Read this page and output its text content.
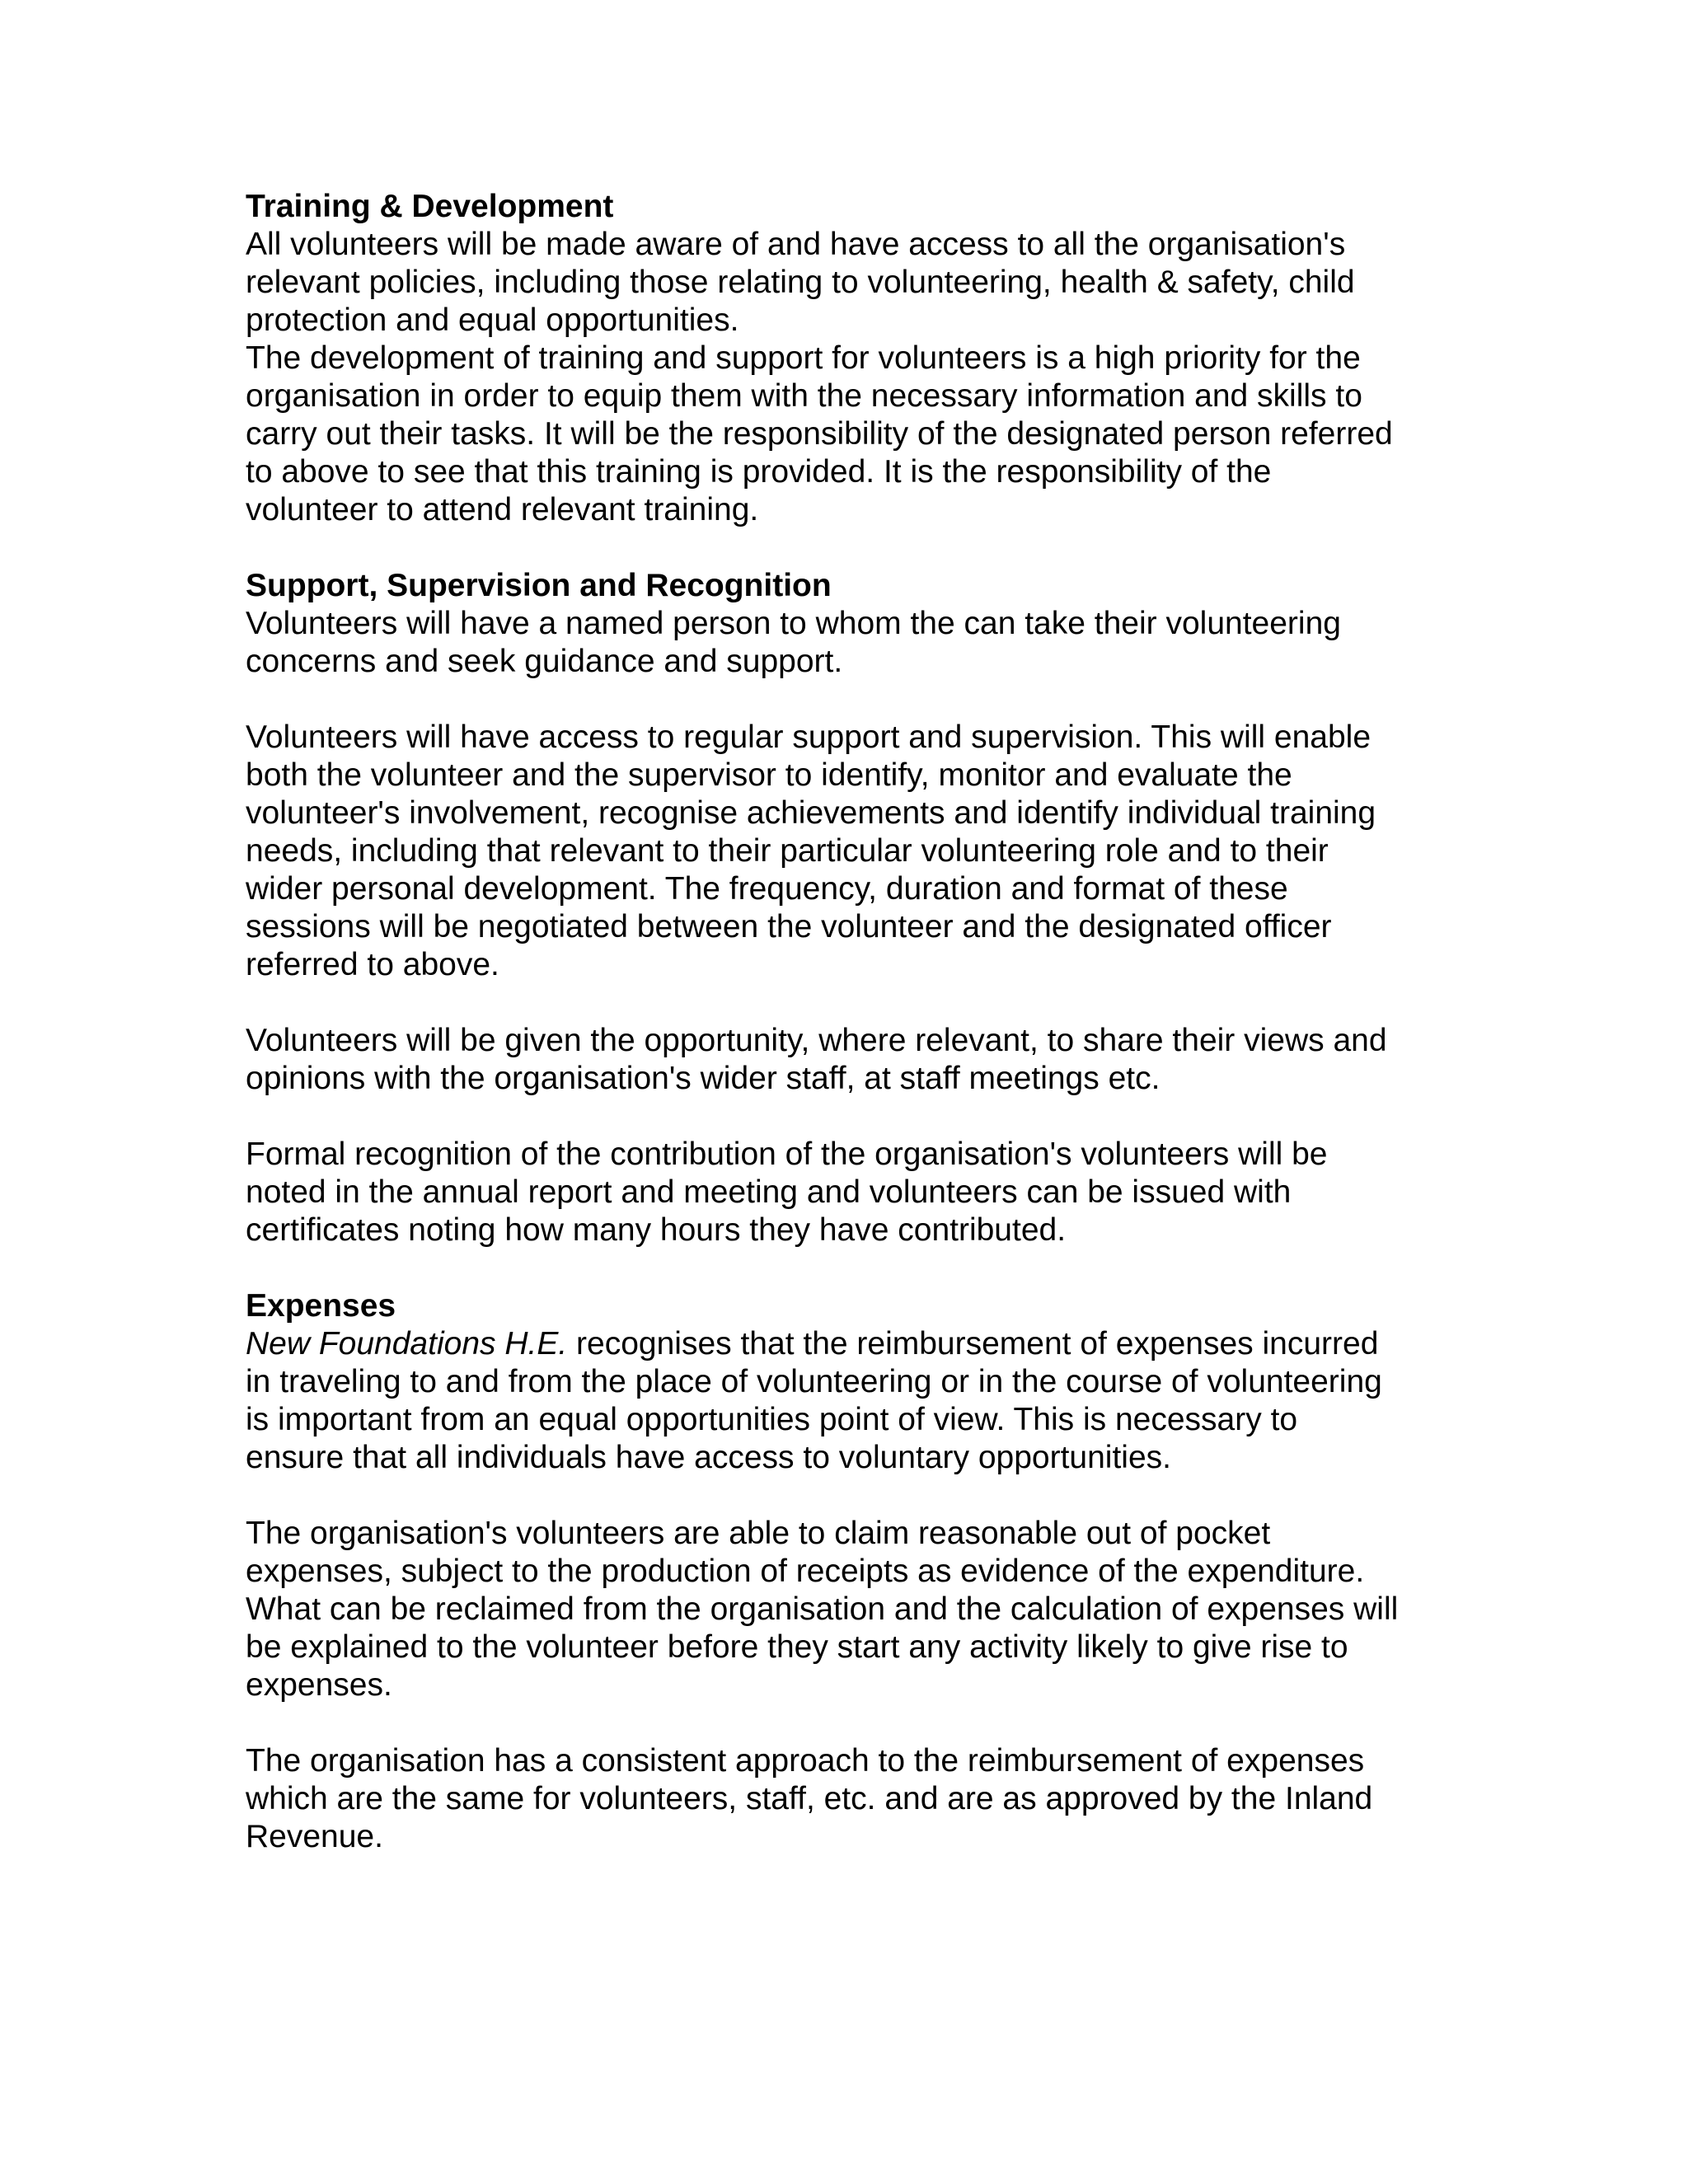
Training & Development

All volunteers will be made aware of and have access to all the organisation's
relevant policies, including those relating to volunteering, health & safety, child
protection and equal opportunities.

The development of training and support for volunteers is a high priority for the
organisation in order to equip them with the necessary information and skills to
carry out their tasks. It will be the responsibility of the designated person referred
to above to see that this training is provided. It is the responsibility of the
volunteer to attend relevant training.

Support, Supervision and Recognition

Volunteers will have a named person to whom the can take their volunteering
concerns and seek guidance and support.

Volunteers will have access to regular support and supervision. This will enable
both the volunteer and the supervisor to identify, monitor and evaluate the
volunteer's involvement, recognise achievements and identify individual training
needs, including that relevant to their particular volunteering role and to their
wider personal development. The frequency, duration and format of these
sessions will be negotiated between the volunteer and the designated officer
referred to above.

Volunteers will be given the opportunity, where relevant, to share their views and
opinions with the organisation's wider staff, at staff meetings etc.

Formal recognition of the contribution of the organisation's volunteers will be
noted in the annual report and meeting and volunteers can be issued with
certificates noting how many hours they have contributed.

Expenses

New Foundations H.E. recognises that the reimbursement of expenses incurred
in traveling to and from the place of volunteering or in the course of volunteering
is important from an equal opportunities point of view. This is necessary to
ensure that all individuals have access to voluntary opportunities.

The organisation's volunteers are able to claim reasonable out of pocket
expenses, subject to the production of receipts as evidence of the expenditure.
What can be reclaimed from the organisation and the calculation of expenses will
be explained to the volunteer before they start any activity likely to give rise to
expenses.

The organisation has a consistent approach to the reimbursement of expenses
which are the same for volunteers, staff, etc. and are as approved by the Inland
Revenue.
